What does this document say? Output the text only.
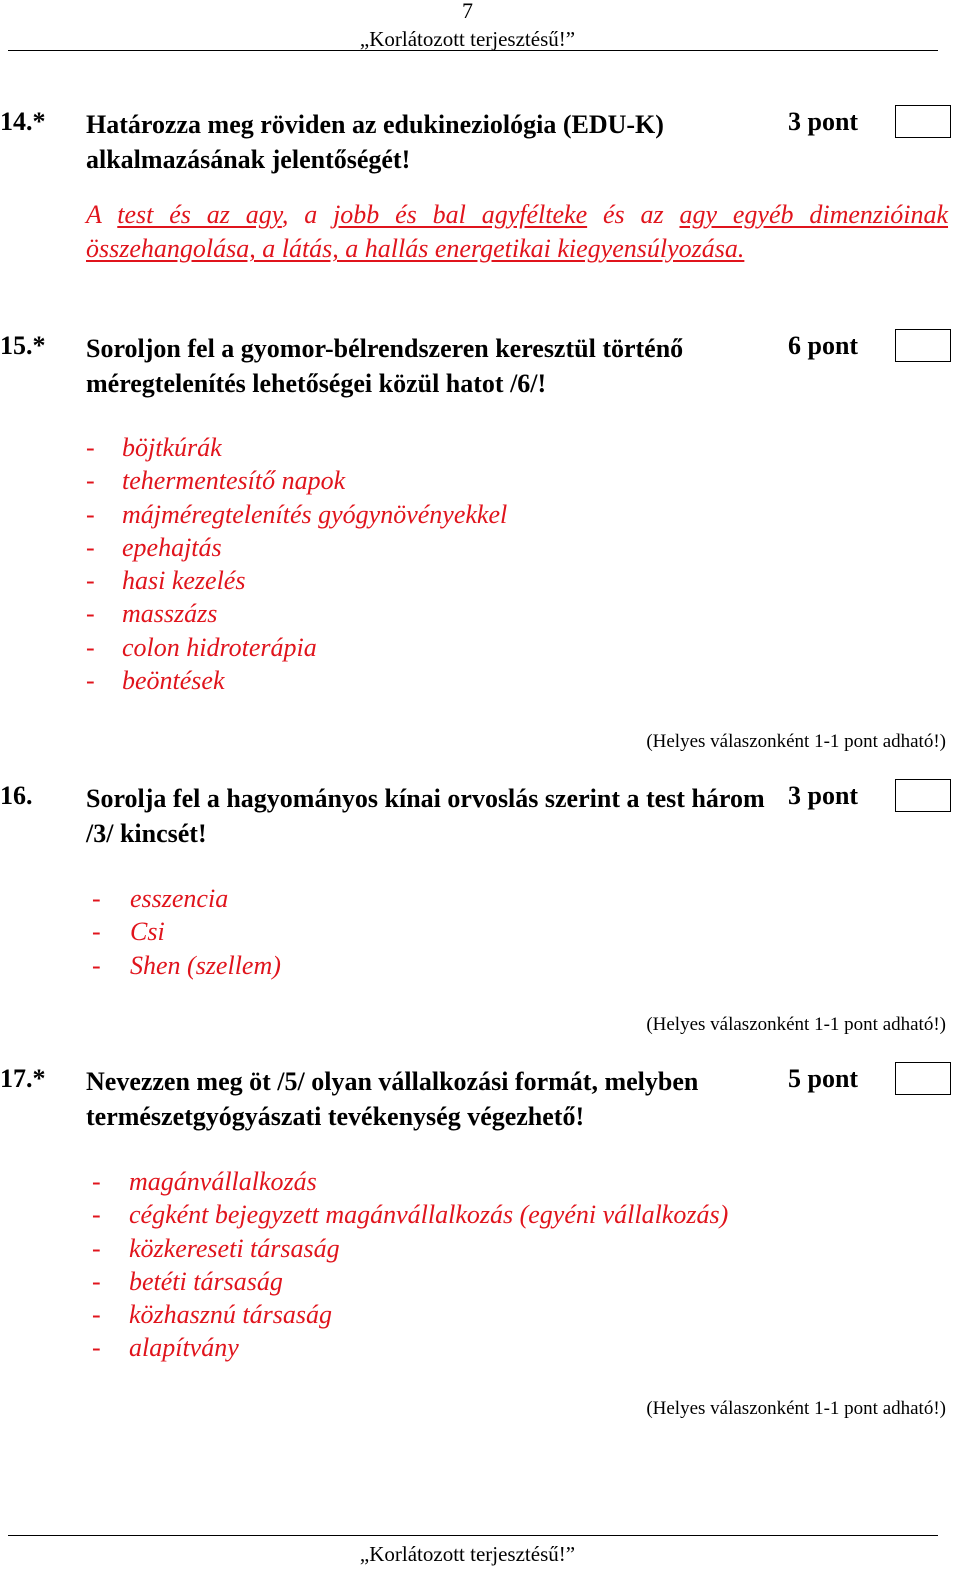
7
„Korlátozott terjesztésű!”
14.* Határozza meg röviden az edukineziológia (EDU-K) alkalmazásának jelentőségét!
3 pont
A test és az agy, a jobb és bal agyfélteke és az agy egyéb dimenzióinak összehangolása, a látás, a hallás energetikai kiegyensúlyozása.
15.* Soroljon fel a gyomor-bélrendszeren keresztül történő méregtelenítés lehetőségei közül hatot /6/!
6 pont
- böjtkúrák
- tehermentesítő napok
- májméregtelenítés gyógynövényekkel
- epehajtás
- hasi kezelés
- masszázs
- colon hidroterápia
- beöntések
(Helyes válaszonként 1-1 pont adható!)
16. Sorolja fel a hagyományos kínai orvoslás szerint a test három /3/ kincsét!
3 pont
- esszencia
- Csi
- Shen (szellem)
(Helyes válaszonként 1-1 pont adható!)
17.* Nevezzen meg öt /5/ olyan vállalkozási formát, melyben természetgyógyászati tevékenység végezhető!
5 pont
- magánvállalkozás
- cégként bejegyzett magánvállalkozás (egyéni vállalkozás)
- közkereseti társaság
- betéti társaság
- közhasznú társaság
- alapítvány
(Helyes válaszonként 1-1 pont adható!)
„Korlátozott terjesztésű!”
